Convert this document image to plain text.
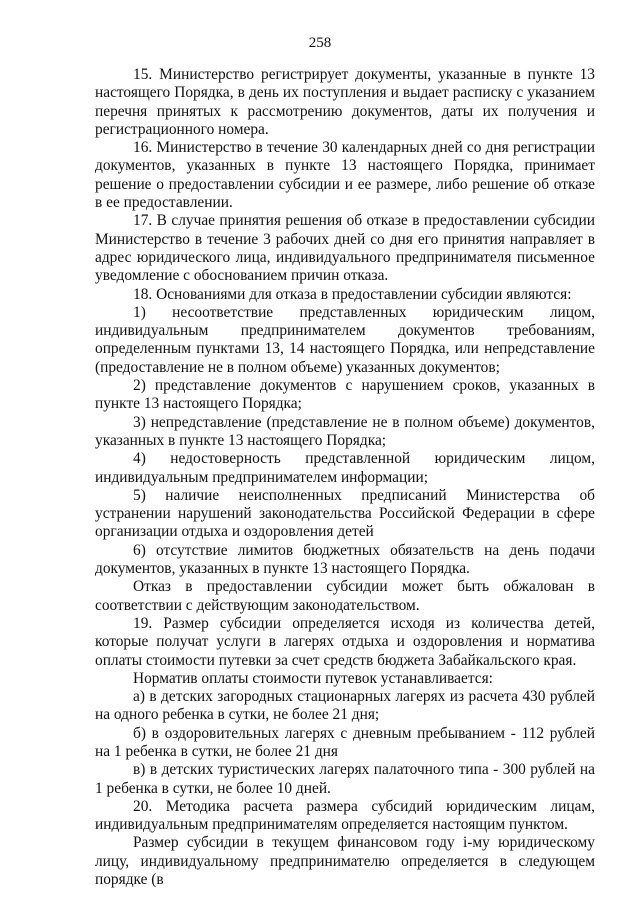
258

15. Министерство регистрирует документы, указанные в пункте 13 настоящего Порядка, в день их поступления и выдает расписку с указанием перечня принятых к рассмотрению документов, даты их получения и регистрационного номера.

16. Министерство в течение 30 календарных дней со дня регистрации документов, указанных в пункте 13 настоящего Порядка, принимает решение о предоставлении субсидии и ее размере, либо решение об отказе в ее предоставлении.

17. В случае принятия решения об отказе в предоставлении субсидии Министерство в течение 3 рабочих дней со дня его принятия направляет в адрес юридического лица, индивидуального предпринимателя письменное уведомление с обоснованием причин отказа.

18. Основаниями для отказа в предоставлении субсидии являются:

1) несоответствие представленных юридическим лицом, индивидуальным предпринимателем документов требованиям, определенным пунктами 13, 14 настоящего Порядка, или непредставление (предоставление не в полном объеме) указанных документов;

2) представление документов с нарушением сроков, указанных в пункте 13 настоящего Порядка;

3) непредставление (представление не в полном объеме) документов, указанных в пункте 13 настоящего Порядка;

4) недостоверность представленной юридическим лицом, индивидуальным предпринимателем информации;

5) наличие неисполненных предписаний Министерства об устранении нарушений законодательства Российской Федерации в сфере организации отдыха и оздоровления детей

6) отсутствие лимитов бюджетных обязательств на день подачи документов, указанных в пункте 13 настоящего Порядка.

Отказ в предоставлении субсидии может быть обжалован в соответствии с действующим законодательством.

19. Размер субсидии определяется исходя из количества детей, которые получат услуги в лагерях отдыха и оздоровления и норматива оплаты стоимости путевки за счет средств бюджета Забайкальского края.

Норматив оплаты стоимости путевок устанавливается:

а) в детских загородных стационарных лагерях из расчета 430 рублей на одного ребенка в сутки, не более 21 дня;

б) в оздоровительных лагерях с дневным пребыванием - 112 рублей на 1 ребенка в сутки, не более 21 дня

в) в детских туристических лагерях палаточного типа - 300 рублей на 1 ребенка в сутки, не более 10 дней.

20. Методика расчета размера субсидий юридическим лицам, индивидуальным предпринимателям определяется настоящим пунктом.

Размер субсидии в текущем финансовом году i-му юридическому лицу, индивидуальному предпринимателю определяется в следующем порядке (в
